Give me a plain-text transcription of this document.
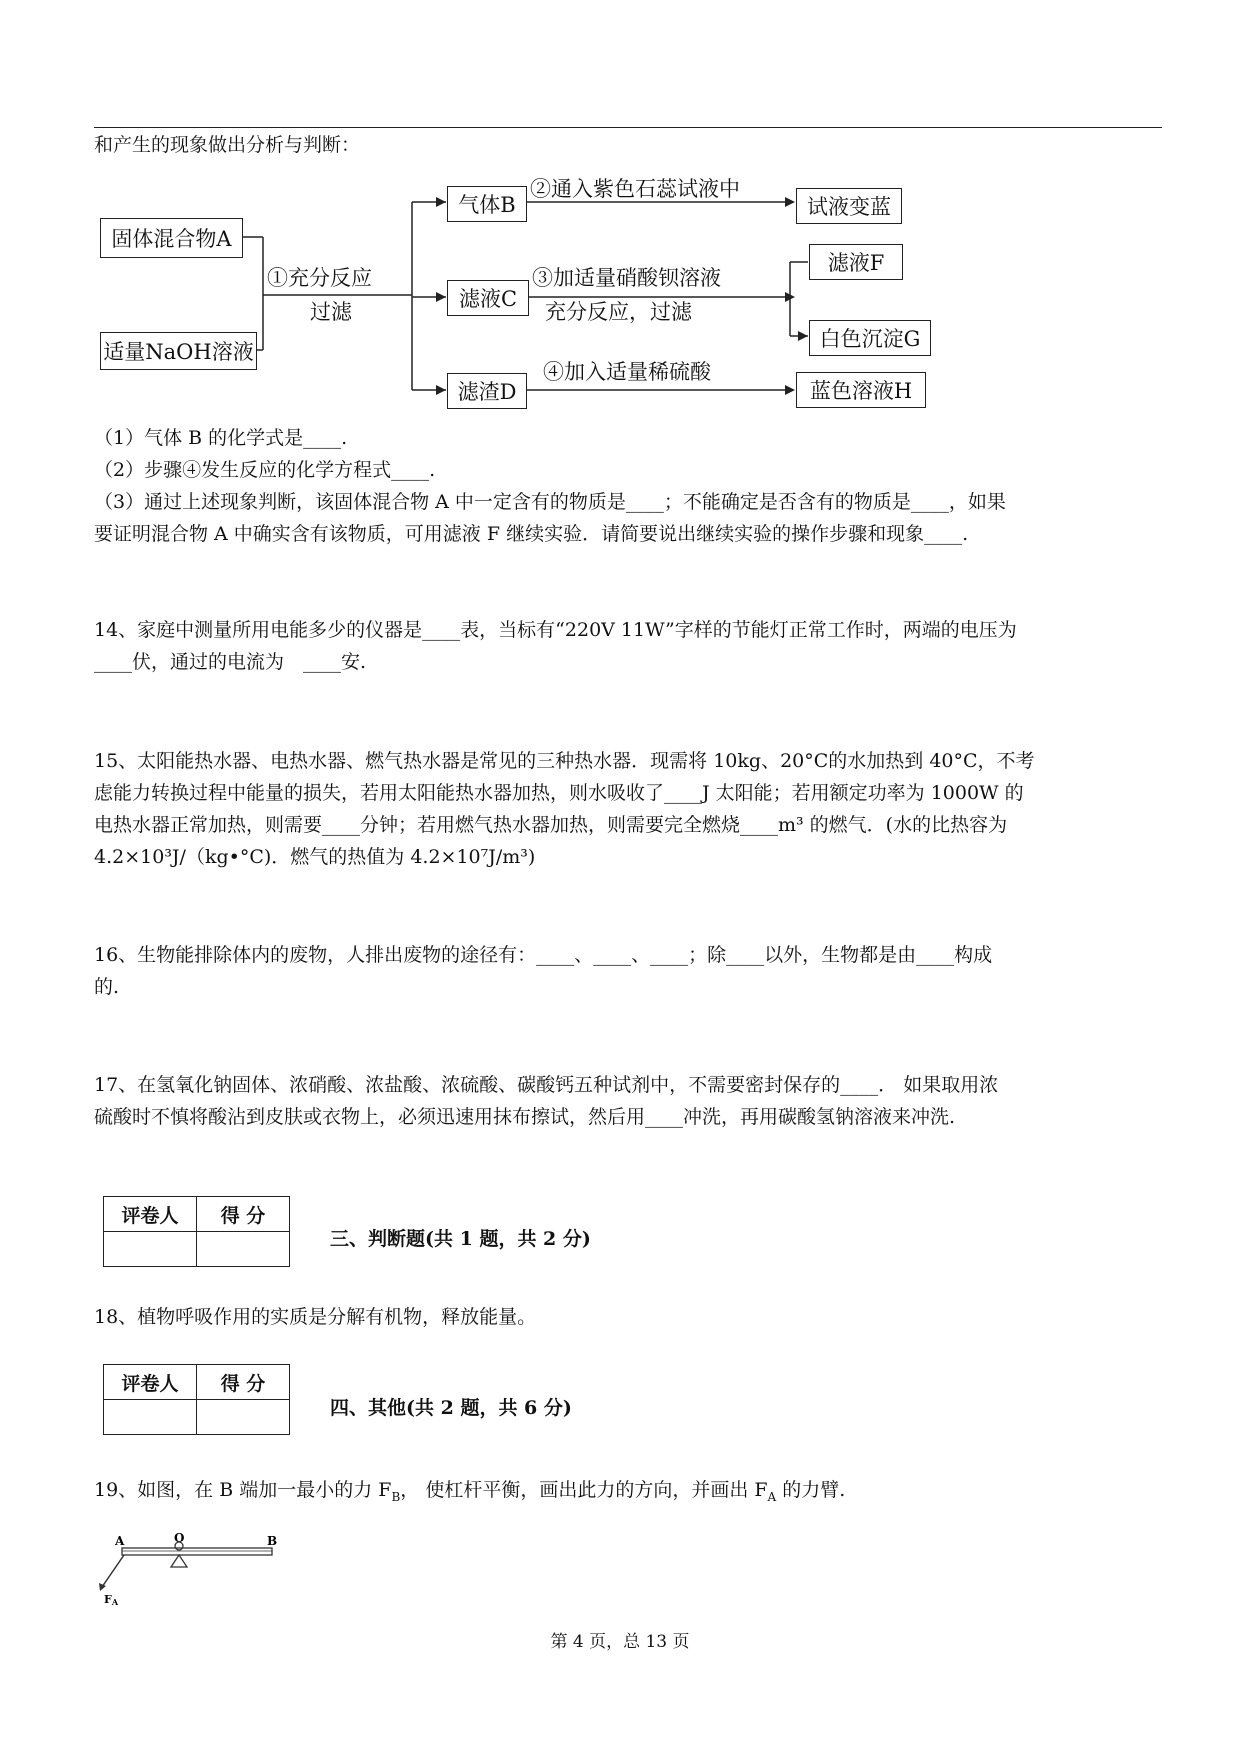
和产生的现象做出分析与判断：
固体混合物A
适量NaOH溶液
①充分反应
过滤
气体B
②通入紫色石蕊试液中
试液变蓝
滤液C
③加适量硝酸钡溶液
充分反应，过滤
滤液F
白色沉淀G
滤渣D
④加入适量稀硫酸
蓝色溶液H
（1）气体 B 的化学式是____.
（2）步骤④发生反应的化学方程式____.
（3）通过上述现象判断，该固体混合物 A 中一定含有的物质是____；不能确定是否含有的物质是____，如果
要证明混合物 A 中确实含有该物质，可用滤液 F 继续实验．请简要说出继续实验的操作步骤和现象____.
14、家庭中测量所用电能多少的仪器是____表，当标有“220V 11W”字样的节能灯正常工作时，两端的电压为
____伏，通过的电流为　____安.
15、太阳能热水器、电热水器、燃气热水器是常见的三种热水器．现需将 10kg、20°C的水加热到 40°C，不考
虑能力转换过程中能量的损失，若用太阳能热水器加热，则水吸收了____J 太阳能；若用额定功率为 1000W 的
电热水器正常加热，则需要____分钟；若用燃气热水器加热，则需要完全燃烧____m³ 的燃气．(水的比热容为
4.2×10³J/（kg•°C)．燃气的热值为 4.2×10⁷J/m³)
16、生物能排除体内的废物，人排出废物的途径有：____、____、____；除____以外，生物都是由____构成
的.
17、在氢氧化钠固体、浓硝酸、浓盐酸、浓硫酸、碳酸钙五种试剂中，不需要密封保存的____． 如果取用浓
硫酸时不慎将酸沾到皮肤或衣物上，必须迅速用抹布擦试，然后用____冲洗，再用碳酸氢钠溶液来冲洗.
评卷人	得 分

三、判断题(共 1 题，共 2 分)
18、植物呼吸作用的实质是分解有机物，释放能量。
评卷人	得 分

四、其他(共 2 题，共 6 分)
19、如图，在 B 端加一最小的力 $F_B$， 使杠杆平衡，画出此力的方向，并画出 $F_A$ 的力臂.
A	O	B
FA
第 4 页，总 13 页
